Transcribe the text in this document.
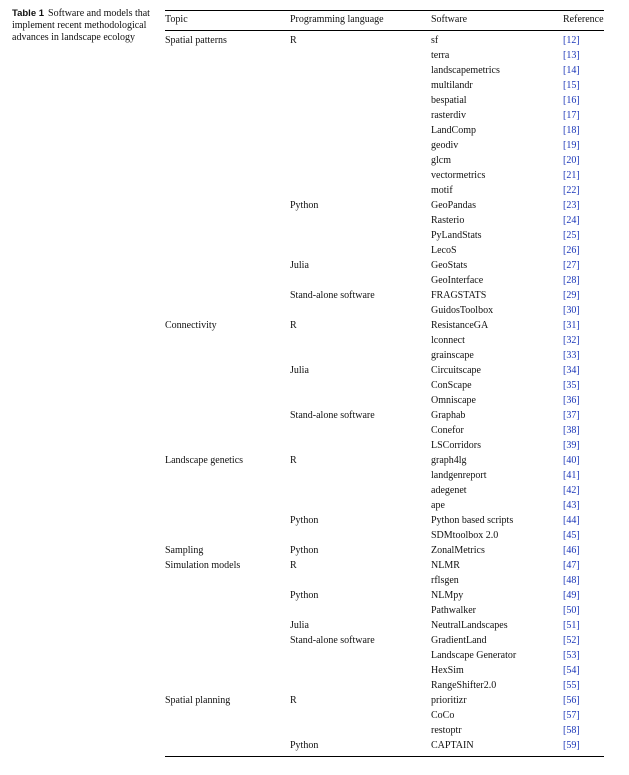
Table 1 Software and models that implement recent methodological advances in landscape ecology
Topic	Programming language	Software	Reference
Spatial patterns	R	sf	[12]
terra	[13]
landscapemetrics	[14]
multilandr	[15]
bespatial	[16]
rasterdiv	[17]
LandComp	[18]
geodiv	[19]
glcm	[20]
vectormetrics	[21]
motif	[22]
Python	GeoPandas	[23]
Rasterio	[24]
PyLandStats	[25]
LecoS	[26]
Julia	GeoStats	[27]
GeoInterface	[28]
Stand-alone software	FRAGSTATS	[29]
GuidosToolbox	[30]
Connectivity	R	ResistanceGA	[31]
lconnect	[32]
grainscape	[33]
Julia	Circuitscape	[34]
ConScape	[35]
Omniscape	[36]
Stand-alone software	Graphab	[37]
Conefor	[38]
LSCorridors	[39]
Landscape genetics	R	graph4lg	[40]
landgenreport	[41]
adegenet	[42]
ape	[43]
Python	Python based scripts	[44]
SDMtoolbox 2.0	[45]
Sampling	Python	ZonalMetrics	[46]
Simulation models	R	NLMR	[47]
rflsgen	[48]
Python	NLMpy	[49]
Pathwalker	[50]
Julia	NeutralLandscapes	[51]
Stand-alone software	GradientLand	[52]
Landscape Generator	[53]
HexSim	[54]
RangeShifter2.0	[55]
Spatial planning	R	prioritizr	[56]
CoCo	[57]
restoptr	[58]
Python	CAPTAIN	[59]
